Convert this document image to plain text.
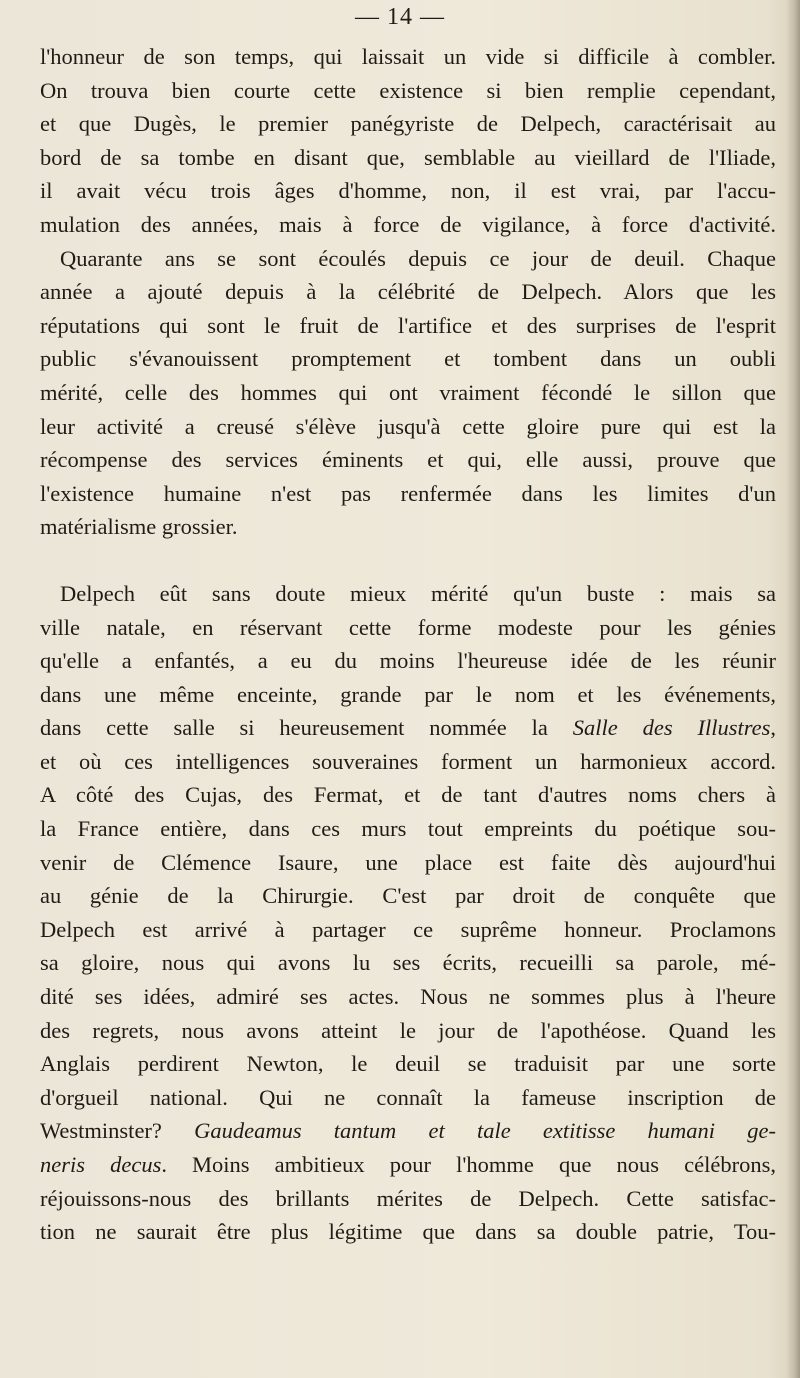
— 14 —
l'honneur de son temps, qui laissait un vide si difficile à combler.
On trouva bien courte cette existence si bien remplie cependant,
et que Dugès, le premier panégyriste de Delpech, caractérisait au
bord de sa tombe en disant que, semblable au vieillard de l'Iliade,
il avait vécu trois âges d'homme, non, il est vrai, par l'accu-
mulation des années, mais à force de vigilance, à force d'activité.
Quarante ans se sont écoulés depuis ce jour de deuil. Chaque
année a ajouté depuis à la célébrité de Delpech. Alors que les
réputations qui sont le fruit de l'artifice et des surprises de l'esprit
public s'évanouissent promptement et tombent dans un oubli
mérité, celle des hommes qui ont vraiment fécondé le sillon que
leur activité a creusé s'élève jusqu'à cette gloire pure qui est la
récompense des services éminents et qui, elle aussi, prouve que
l'existence humaine n'est pas renfermée dans les limites d'un
matérialisme grossier.
Delpech eût sans doute mieux mérité qu'un buste : mais sa
ville natale, en réservant cette forme modeste pour les génies
qu'elle a enfantés, a eu du moins l'heureuse idée de les réunir
dans une même enceinte, grande par le nom et les événements,
dans cette salle si heureusement nommée la Salle des Illustres,
et où ces intelligences souveraines forment un harmonieux accord.
A côté des Cujas, des Fermat, et de tant d'autres noms chers à
la France entière, dans ces murs tout empreints du poétique sou-
venir de Clémence Isaure, une place est faite dès aujourd'hui
au génie de la Chirurgie. C'est par droit de conquête que
Delpech est arrivé à partager ce suprême honneur. Proclamons
sa gloire, nous qui avons lu ses écrits, recueilli sa parole, mé-
dité ses idées, admiré ses actes. Nous ne sommes plus à l'heure
des regrets, nous avons atteint le jour de l'apothéose. Quand les
Anglais perdirent Newton, le deuil se traduisit par une sorte
d'orgueil national. Qui ne connaît la fameuse inscription de
Westminster? Gaudeamus tantum et tale extitisse humani ge-
neris decus. Moins ambitieux pour l'homme que nous célébrons,
réjouissons-nous des brillants mérites de Delpech. Cette satisfac-
tion ne saurait être plus légitime que dans sa double patrie, Tou-
